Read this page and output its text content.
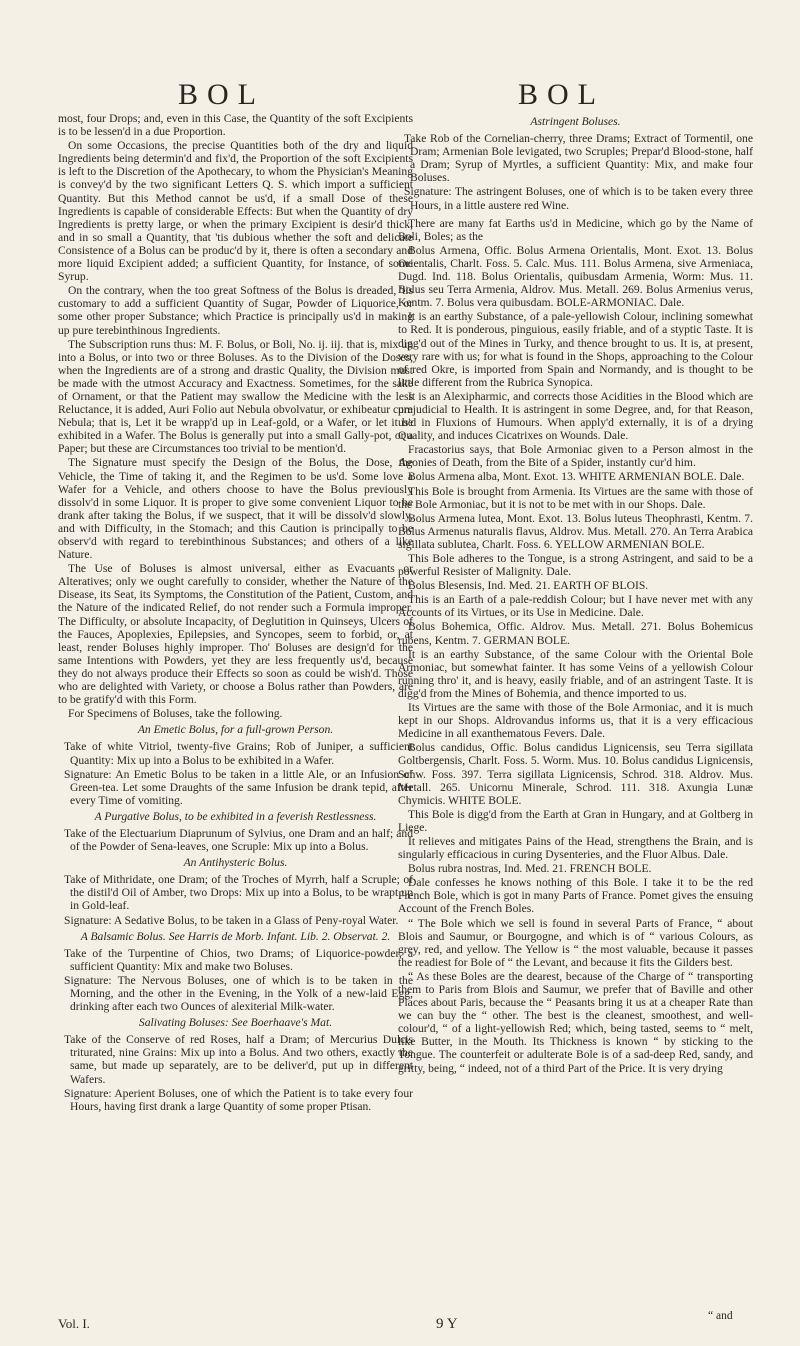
BOL	BOL

most, four Drops; and, even in this Case, the Quantity of the soft Excipients is to be lessen'd in a due Proportion.

On some Occasions, the precise Quantities both of the dry and liquid Ingredients being determin'd and fix'd, the Proportion of the soft Excipients is left to the Discretion of the Apothecary, to whom the Physician's Meaning is convey'd by the two significant Letters Q. S. which import a sufficient Quantity. But this Method cannot be us'd, if a small Dose of these Ingredients is capable of considerable Effects: But when the Quantity of dry Ingredients is pretty large, or when the primary Excipient is desir'd thick, and in so small a Quantity, that 'tis dubious whether the soft and delicate Consistence of a Bolus can be produc'd by it, there is often a secondary and more liquid Excipient added; a sufficient Quantity, for Instance, of some Syrup.

On the contrary, when the too great Softness of the Bolus is dreaded, 'tis customary to add a sufficient Quantity of Sugar, Powder of Liquorice, or some other proper Substance; which Practice is principally us'd in making up pure terebinthinous Ingredients.

The Subscription runs thus: M. F. Bolus, or Boli, No. ij. iij. that is, mix up into a Bolus, or into two or three Boluses. As to the Division of the Doses, when the Ingredients are of a strong and drastic Quality, the Division must be made with the utmost Accuracy and Exactness. Sometimes, for the sake of Ornament, or that the Patient may swallow the Medicine with the less Reluctance, it is added, Auri Folio aut Nebula obvolvatur, or exhibeatur cum Nebula; that is, Let it be wrapp'd up in Leaf-gold, or a Wafer, or let it be exhibited in a Wafer. The Bolus is generally put into a small Gally-pot, or a Paper; but these are Circumstances too trivial to be mention'd.

The Signature must specify the Design of the Bolus, the Dose, the Vehicle, the Time of taking it, and the Regimen to be us'd. Some love a Wafer for a Vehicle, and others choose to have the Bolus previously dissolv'd in some Liquor. It is proper to give some convenient Liquor to be drank after taking the Bolus, if we suspect, that it will be dissolv'd slowly, and with Difficulty, in the Stomach; and this Caution is principally to be observ'd with regard to terebinthinous Substances; and others of a like Nature.

The Use of Boluses is almost universal, either as Evacuants or Alteratives; only we ought carefully to consider, whether the Nature of the Disease, its Seat, its Symptoms, the Constitution of the Patient, Custom, and the Nature of the indicated Relief, do not render such a Formula improper. The Difficulty, or absolute Incapacity, of Deglutition in Quinseys, Ulcers of the Fauces, Apoplexies, Epilepsies, and Syncopes, seem to forbid, or, at least, render Boluses highly improper. Tho' Boluses are design'd for the same Intentions with Powders, yet they are less frequently us'd, because they do not always produce their Effects so soon as could be wish'd. Those who are delighted with Variety, or choose a Bolus rather than Powders, are to be gratify'd with this Form.

For Specimens of Boluses, take the following.

An Emetic Bolus, for a full-grown Person.

Take of white Vitriol, twenty-five Grains; Rob of Juniper, a sufficient Quantity: Mix up into a Bolus to be exhibited in a Wafer.

Signature: An Emetic Bolus to be taken in a little Ale, or an Infusion of Green-tea. Let some Draughts of the same Infusion be drank tepid, after every Time of vomiting.

A Purgative Bolus, to be exhibited in a feverish Restlessness.

Take of the Electuarium Diaprunum of Sylvius, one Dram and an half; and of the Powder of Sena-leaves, one Scruple: Mix up into a Bolus.

An Antihysteric Bolus.

Take of Mithridate, one Dram; of the Troches of Myrrh, half a Scruple; of the distil'd Oil of Amber, two Drops: Mix up into a Bolus, to be wrapt up in Gold-leaf.

Signature: A Sedative Bolus, to be taken in a Glass of Peny-royal Water.

A Balsamic Bolus. See Harris de Morb. Infant. Lib. 2. Observat. 2.

Take of the Turpentine of Chios, two Drams; of Liquorice-powder, a sufficient Quantity: Mix and make two Boluses.

Signature: The Nervous Boluses, one of which is to be taken in the Morning, and the other in the Evening, in the Yolk of a new-laid Egg, drinking after each two Ounces of alexiterial Milk-water.

Salivating Boluses: See Boerhaave's Mat.

Take of the Conserve of red Roses, half a Dram; of Mercurius Dulcis triturated, nine Grains: Mix up into a Bolus. And two others, exactly the same, but made up separately, are to be deliver'd, put up in different Wafers.

Signature: Aperient Boluses, one of which the Patient is to take every four Hours, having first drank a large Quantity of some proper Ptisan.

Astringent Boluses.

Take Rob of the Cornelian-cherry, three Drams; Extract of Tormentil, one Dram; Armenian Bole levigated, two Scruples; Prepar'd Blood-stone, half a Dram; Syrup of Myrtles, a sufficient Quantity: Mix, and make four Boluses.

Signature: The astringent Boluses, one of which is to be taken every three Hours, in a little austere red Wine.

There are many fat Earths us'd in Medicine, which go by the Name of Boli, Boles; as the

Bolus Armena, Offic. Bolus Armena Orientalis, Mont. Exot. 13. Bolus Orientalis, Charlt. Foss. 5. Calc. Mus. 111. Bolus Armena, sive Armeniaca, Dugd. Ind. 118. Bolus Orientalis, quibusdam Armenia, Worm: Mus. 11. Bolus seu Terra Armenia, Aldrov. Mus. Metall. 269. Bolus Armenius verus, Kentm. 7. Bolus vera quibusdam. BOLE-ARMONIAC. Dale.

It is an earthy Substance, of a pale-yellowish Colour, inclining somewhat to Red. It is ponderous, pinguious, easily friable, and of a styptic Taste. It is digg'd out of the Mines in Turky, and thence brought to us. It is, at present, very rare with us; for what is found in the Shops, approaching to the Colour of red Okre, is imported from Spain and Normandy, and is thought to be little different from the Rubrica Synopica.

It is an Alexipharmic, and corrects those Acidities in the Blood which are prejudicial to Health. It is astringent in some Degree, and, for that Reason, us'd in Fluxions of Humours. When apply'd externally, it is of a drying Quality, and induces Cicatrixes on Wounds. Dale.

Fracastorius says, that Bole Armoniac given to a Person almost in the Agonies of Death, from the Bite of a Spider, instantly cur'd him.

Bolus Armena alba, Mont. Exot. 13. WHITE ARMENIAN BOLE. Dale.

This Bole is brought from Armenia. Its Virtues are the same with those of the Bole Armoniac, but it is not to be met with in our Shops. Dale.

Bolus Armena lutea, Mont. Exot. 13. Bolus luteus Theophrasti, Kentm. 7. Bolus Armenus naturalis flavus, Aldrov. Mus. Metall. 270. An Terra Arabica sigillata sublutea, Charlt. Foss. 6. YELLOW ARMENIAN BOLE.

This Bole adheres to the Tongue, is a strong Astringent, and said to be a powerful Resister of Malignity. Dale.

Bolus Blesensis, Ind. Med. 21. EARTH OF BLOIS.

This is an Earth of a pale-reddish Colour; but I have never met with any Accounts of its Virtues, or its Use in Medicine. Dale.

Bolus Bohemica, Offic. Aldrov. Mus. Metall. 271. Bolus Bohemicus rubens, Kentm. 7. GERMAN BOLE.

It is an earthy Substance, of the same Colour with the Oriental Bole Armoniac, but somewhat fainter. It has some Veins of a yellowish Colour running thro' it, and is heavy, easily friable, and of an astringent Taste. It is digg'd from the Mines of Bohemia, and thence imported to us.

Its Virtues are the same with those of the Bole Armoniac, and it is much kept in our Shops. Aldrovandus informs us, that it is a very efficacious Medicine in all exanthematous Fevers. Dale.

Bolus candidus, Offic. Bolus candidus Lignicensis, seu Terra sigillata Goltbergensis, Charlt. Foss. 5. Worm. Mus. 10. Bolus candidus Lignicensis, Schw. Foss. 397. Terra sigillata Lignicensis, Schrod. 318. Aldrov. Mus. Metall. 265. Unicornu Minerale, Schrod. 111. 318. Axungia Lunæ Chymicis. WHITE BOLE.

This Bole is digg'd from the Earth at Gran in Hungary, and at Goltberg in Liege.

It relieves and mitigates Pains of the Head, strengthens the Brain, and is singularly efficacious in curing Dysenteries, and the Fluor Albus. Dale.

Bolus rubra nostras, Ind. Med. 21. FRENCH BOLE.

Dale confesses he knows nothing of this Bole. I take it to be the red French Bole, which is got in many Parts of France. Pomet gives the ensuing Account of the French Boles.

“ The Bole which we sell is found in several Parts of France, “ about Blois and Saumur, or Bourgogne, and which is of “ various Colours, as grey, red, and yellow. The Yellow is “ the most valuable, because it passes the readiest for Bole of “ the Levant, and because it fits the Gilders best.

“ As these Boles are the dearest, because of the Charge of “ transporting them to Paris from Blois and Saumur, we prefer that of Baville and other Places about Paris, because the “ Peasants bring it us at a cheaper Rate than we can buy the “ other. The best is the cleanest, smoothest, and well-colour'd, “ of a light-yellowish Red; which, being tasted, seems to “ melt, like Butter, in the Mouth. Its Thickness is known “ by sticking to the Tongue. The counterfeit or adulterate Bole is of a sad-deep Red, sandy, and gritty, being, “ indeed, not of a third Part of the Price. It is very drying

Vol. I.	9 Y	“ and
